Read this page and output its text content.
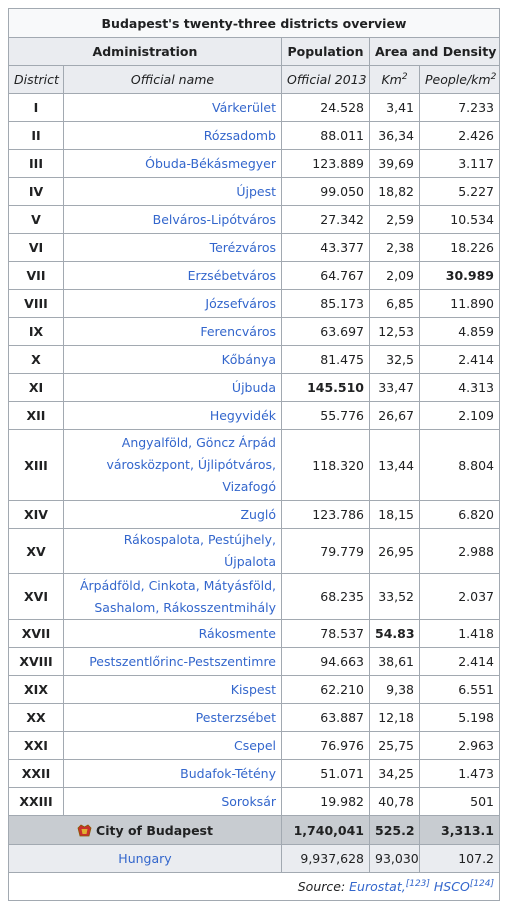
Budapest's twenty-three districts overview				
Administration		Population	Area and Density	
District	Official name	Official 2013	Km$^2$	People/$km^2$
I	Várkerület	24.528	3,41	7.233
II	Rózsadomb	88.011	36,34	2.426
III	Óbuda-Békásmegyer	123.889	39,69	3.117
IV	Újpest	99.050	18,82	5.227
V	Belváros-Lipótváros	27.342	2,59	10.534
VI	Terézváros	43.377	2,38	18.226
VII	Erzsébetváros	64.767	2,09	30.989
VIII	Józsefváros	85.173	6,85	11.890
IX	Ferencváros	63.697	12,53	4.859
X	Kőbánya	81.475	32,5	2.414
XI	Újbuda	145.510	33,47	4.313
XII	Hegyvidék	55.776	26,67	2.109
XIII	Angyalföld, Göncz Árpád városközpont, Újlipótváros, Vizafogó	118.320	13,44	8.804
XIV	Zugló	123.786	18,15	6.820
XV	Rákospalota, Pestújhely, Újpalota	79.779	26,95	2.988
XVI	Árpádföld, Cinkota, Mátyásföld, Sashalom, Rákosszentmihály	68.235	33,52	2.037
XVII	Rákosmente	78.537	54.83	1.418
XVIII	Pestszentlőrinc-Pestszentimre	94.663	38,61	2.414
XIX	Kispest	62.210	9,38	6.551
XX	Pesterzsébet	63.887	12,18	5.198
XXI	Csepel	76.976	25,75	2.963
XXII	Budafok-Tétény	51.071	34,25	1.473
XXIII	Soroksár	19.982	40,78	501
City of Budapest		1,740,041	525.2	3,313.1
Hungary		9,937,628	93,030	107.2
Source: Eurostat,[123] HSCO[124]
